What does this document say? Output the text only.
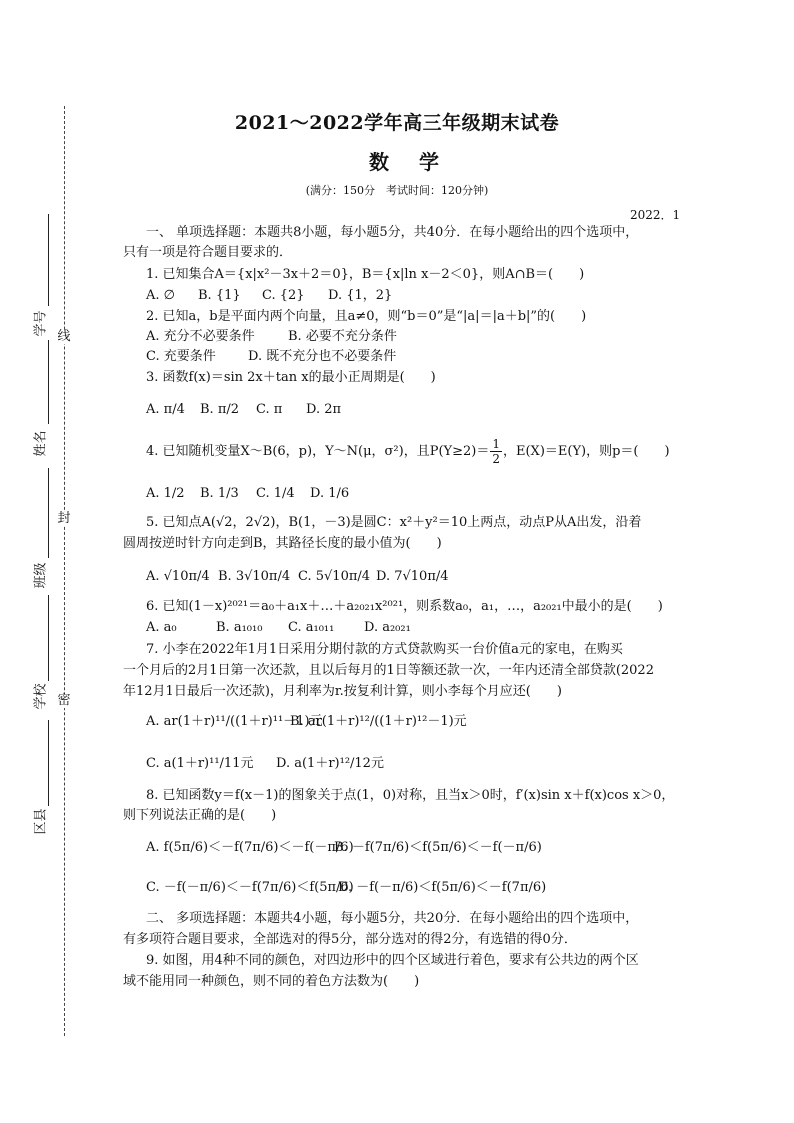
线
封
密
学号
姓名
班级
学校
区县
2021～2022学年高三年级期末试卷
数学
(满分：150分　考试时间：120分钟)
2022．1
一、 单项选择题：本题共8小题，每小题5分，共40分．在每小题给出的四个选项中，
只有一项是符合题目要求的．
1. 已知集合A＝{x|x²－3x＋2＝0}，B＝{x|ln x－2＜0}，则A∩B＝(　　)
A. ∅ B. {1} C. {2} D. {1，2}
2. 已知a，b是平面内两个向量，且a≠0，则“b＝0”是“|a|＝|a＋b|”的(　　)
A. 充分不必要条件	B. 必要不充分条件
C. 充要条件 D. 既不充分也不必要条件
3. 函数f(x)＝sin 2x＋tan x的最小正周期是(　　)
A. π/4 B. π/2 C. π D. 2π
4. 已知随机变量X～B(6，p)，Y～N(μ，σ²)，且$P(Y\ge 2)= \frac{1}{2}$ ，E(X)＝E(Y)，则p＝(　　)
A. 1/2 B. 1/3 C. 1/4 D. 1/6
5. 已知点A(√2，2√2)，B(1，－3)是圆C：x²＋y²＝10上两点，动点P从A出发，沿着
圆周按逆时针方向走到B，其路径长度的最小值为(　　)
A. √10π/4 B. 3√10π/4 C. 5√10π/4 D. 7√10π/4
6. 已知(1－x)²⁰²¹＝a₀＋a₁x＋…＋a₂₀₂₁x²⁰²¹，则系数a₀，a₁，…，a₂₀₂₁中最小的是(　　)
A. a₀	B. a₁₀₁₀ C. a₁₀₁₁ D. a₂₀₂₁
7. 小李在2022年1月1日采用分期付款的方式贷款购买一台价值a元的家电，在购买
一个月后的2月1日第一次还款，且以后每月的1日等额还款一次，一年内还清全部贷款(2022
年12月1日最后一次还款)，月利率为r.按复利计算，则小李每个月应还(　　)
A. ar(1＋r)¹¹/((1＋r)¹¹－1)元
B. ar(1＋r)¹²/((1＋r)¹²－1)元
C. a(1＋r)¹¹/11元 D. a(1＋r)¹²/12元
8. 已知函数y＝f(x－1)的图象关于点(1，0)对称，且当x＞0时，f′(x)sin x＋f(x)cos x＞0，
则下列说法正确的是(　　)
A. f(5π/6)＜－f(7π/6)＜－f(－π/6)
B. －f(7π/6)＜f(5π/6)＜－f(－π/6)
C. －f(－π/6)＜－f(7π/6)＜f(5π/6)
D. －f(－π/6)＜f(5π/6)＜－f(7π/6)
二、 多项选择题：本题共4小题，每小题5分，共20分．在每小题给出的四个选项中，
有多项符合题目要求，全部选对的得5分，部分选对的得2分，有选错的得0分．
9. 如图，用4种不同的颜色，对四边形中的四个区域进行着色，要求有公共边的两个区
域不能用同一种颜色，则不同的着色方法数为(　　)
